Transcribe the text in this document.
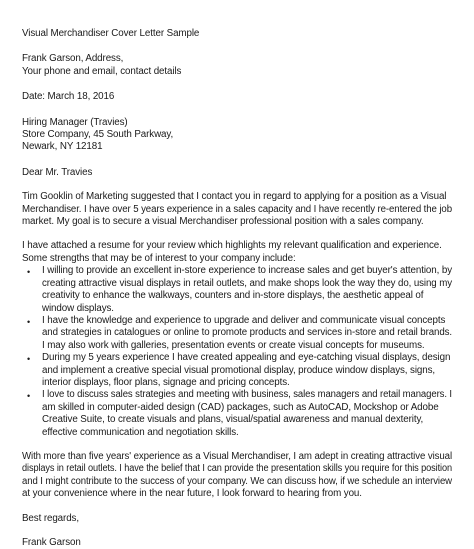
Visual Merchandiser Cover Letter Sample
Frank Garson, Address,
Your phone and email, contact details
Date: March 18, 2016
Hiring Manager (Travies)
Store Company, 45 South Parkway,
Newark, NY 12181
Dear Mr. Travies
Tim Gooklin of Marketing suggested that I contact you in regard to applying for a position as a Visual
Merchandiser. I have over 5 years experience in a sales capacity and I have recently re-entered the job
market. My goal is to secure a visual Merchandiser professional position with a sales company.
I have attached a resume for your review which highlights my relevant qualification and experience.
Some strengths that may be of interest to your company include:
• I willing to provide an excellent in-store experience to increase sales and get buyer's attention, by
creating attractive visual displays in retail outlets, and make shops look the way they do, using my
creativity to enhance the walkways, counters and in-store displays, the aesthetic appeal of
window displays.
• I have the knowledge and experience to upgrade and deliver and communicate visual concepts
and strategies in catalogues or online to promote products and services in-store and retail brands.
I may also work with galleries, presentation events or create visual concepts for museums.
• During my 5 years experience I have created appealing and eye-catching visual displays, design
and implement a creative special visual promotional display, produce window displays, signs,
interior displays, floor plans, signage and pricing concepts.
• I love to discuss sales strategies and meeting with business, sales managers and retail managers. I
am skilled in computer-aided design (CAD) packages, such as AutoCAD, Mockshop or Adobe
Creative Suite, to create visuals and plans, visual/spatial awareness and manual dexterity,
effective communication and negotiation skills.
With more than five years' experience as a Visual Merchandiser, I am adept in creating attractive visual
displays in retail outlets. I have the belief that I can provide the presentation skills you require for this position
and I might contribute to the success of your company. We can discuss how, if we schedule an interview
at your convenience where in the near future, I look forward to hearing from you.
Best regards,
Frank Garson
